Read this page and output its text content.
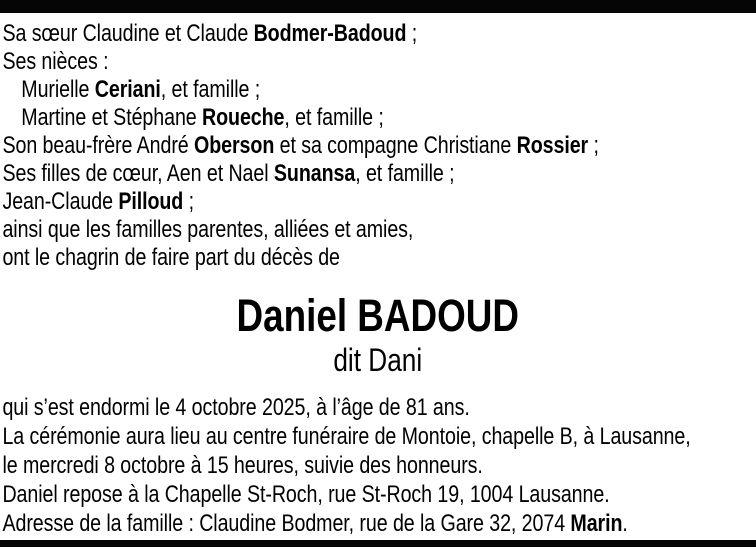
Sa sœur Claudine et Claude Bodmer-Badoud ;

Ses nièces :

Murielle Ceriani, et famille ;

Martine et Stéphane Roueche, et famille ;

Son beau-frère André Oberson et sa compagne Christiane Rossier ;

Ses filles de cœur, Aen et Nael Sunansa, et famille ;

Jean-Claude Pilloud ;

ainsi que les familles parentes, alliées et amies,

ont le chagrin de faire part du décès de

Daniel BADOUD
dit Dani

qui s’est endormi le 4 octobre 2025, à l’âge de 81 ans.

La cérémonie aura lieu au centre funéraire de Montoie, chapelle B, à Lausanne,

le mercredi 8 octobre à 15 heures, suivie des honneurs.

Daniel repose à la Chapelle St-Roch, rue St-Roch 19, 1004 Lausanne.

Adresse de la famille : Claudine Bodmer, rue de la Gare 32, 2074 Marin.
